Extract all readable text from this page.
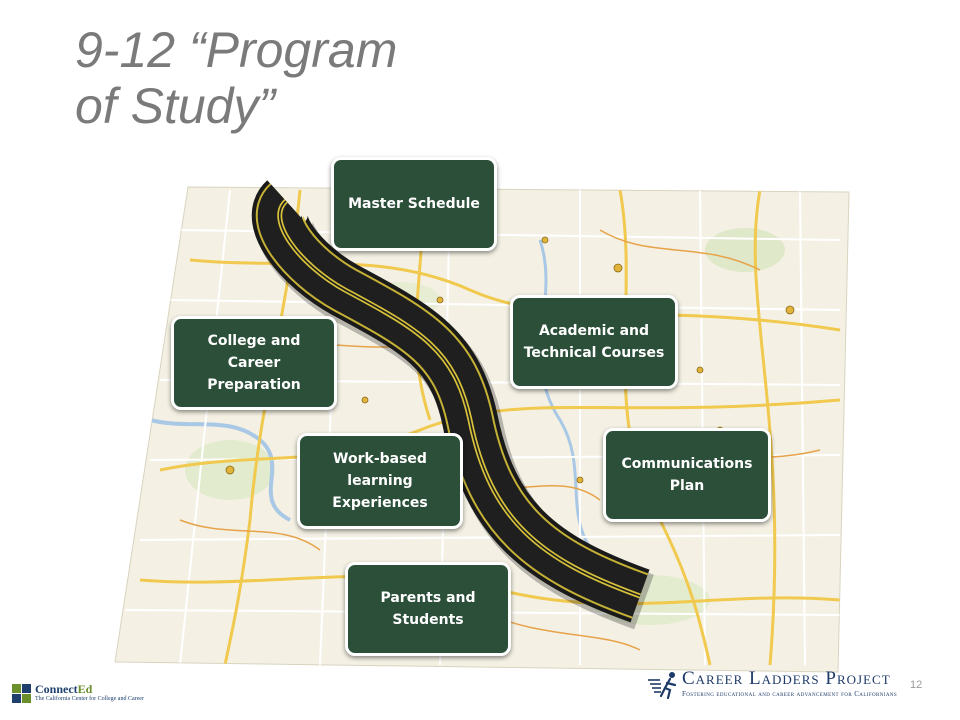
9-12 “Program
of Study”
Master Schedule
Academic and
Technical Courses
College and
Career
Preparation
Communications
Plan
Work-based
learning
Experiences
Parents and
Students
ConnectEd
The California Center for College and Career
Career Ladders Project
Fostering educational and career advancement for Californians
12
